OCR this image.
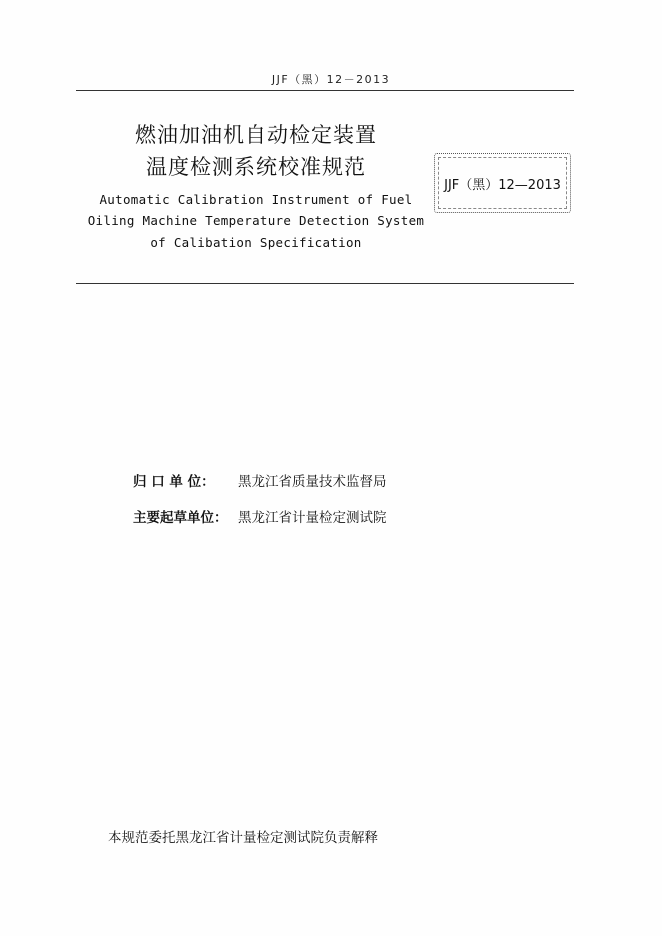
JJF（黑）12－2013
燃油加油机自动检定装置
温度检测系统校准规范
Automatic Calibration Instrument of Fuel
Oiling Machine Temperature Detection System
of Calibation Specification
JJF（黑）12—2013
归 口 单 位： 黑龙江省质量技术监督局
主要起草单位： 黑龙江省计量检定测试院
本规范委托黑龙江省计量检定测试院负责解释
